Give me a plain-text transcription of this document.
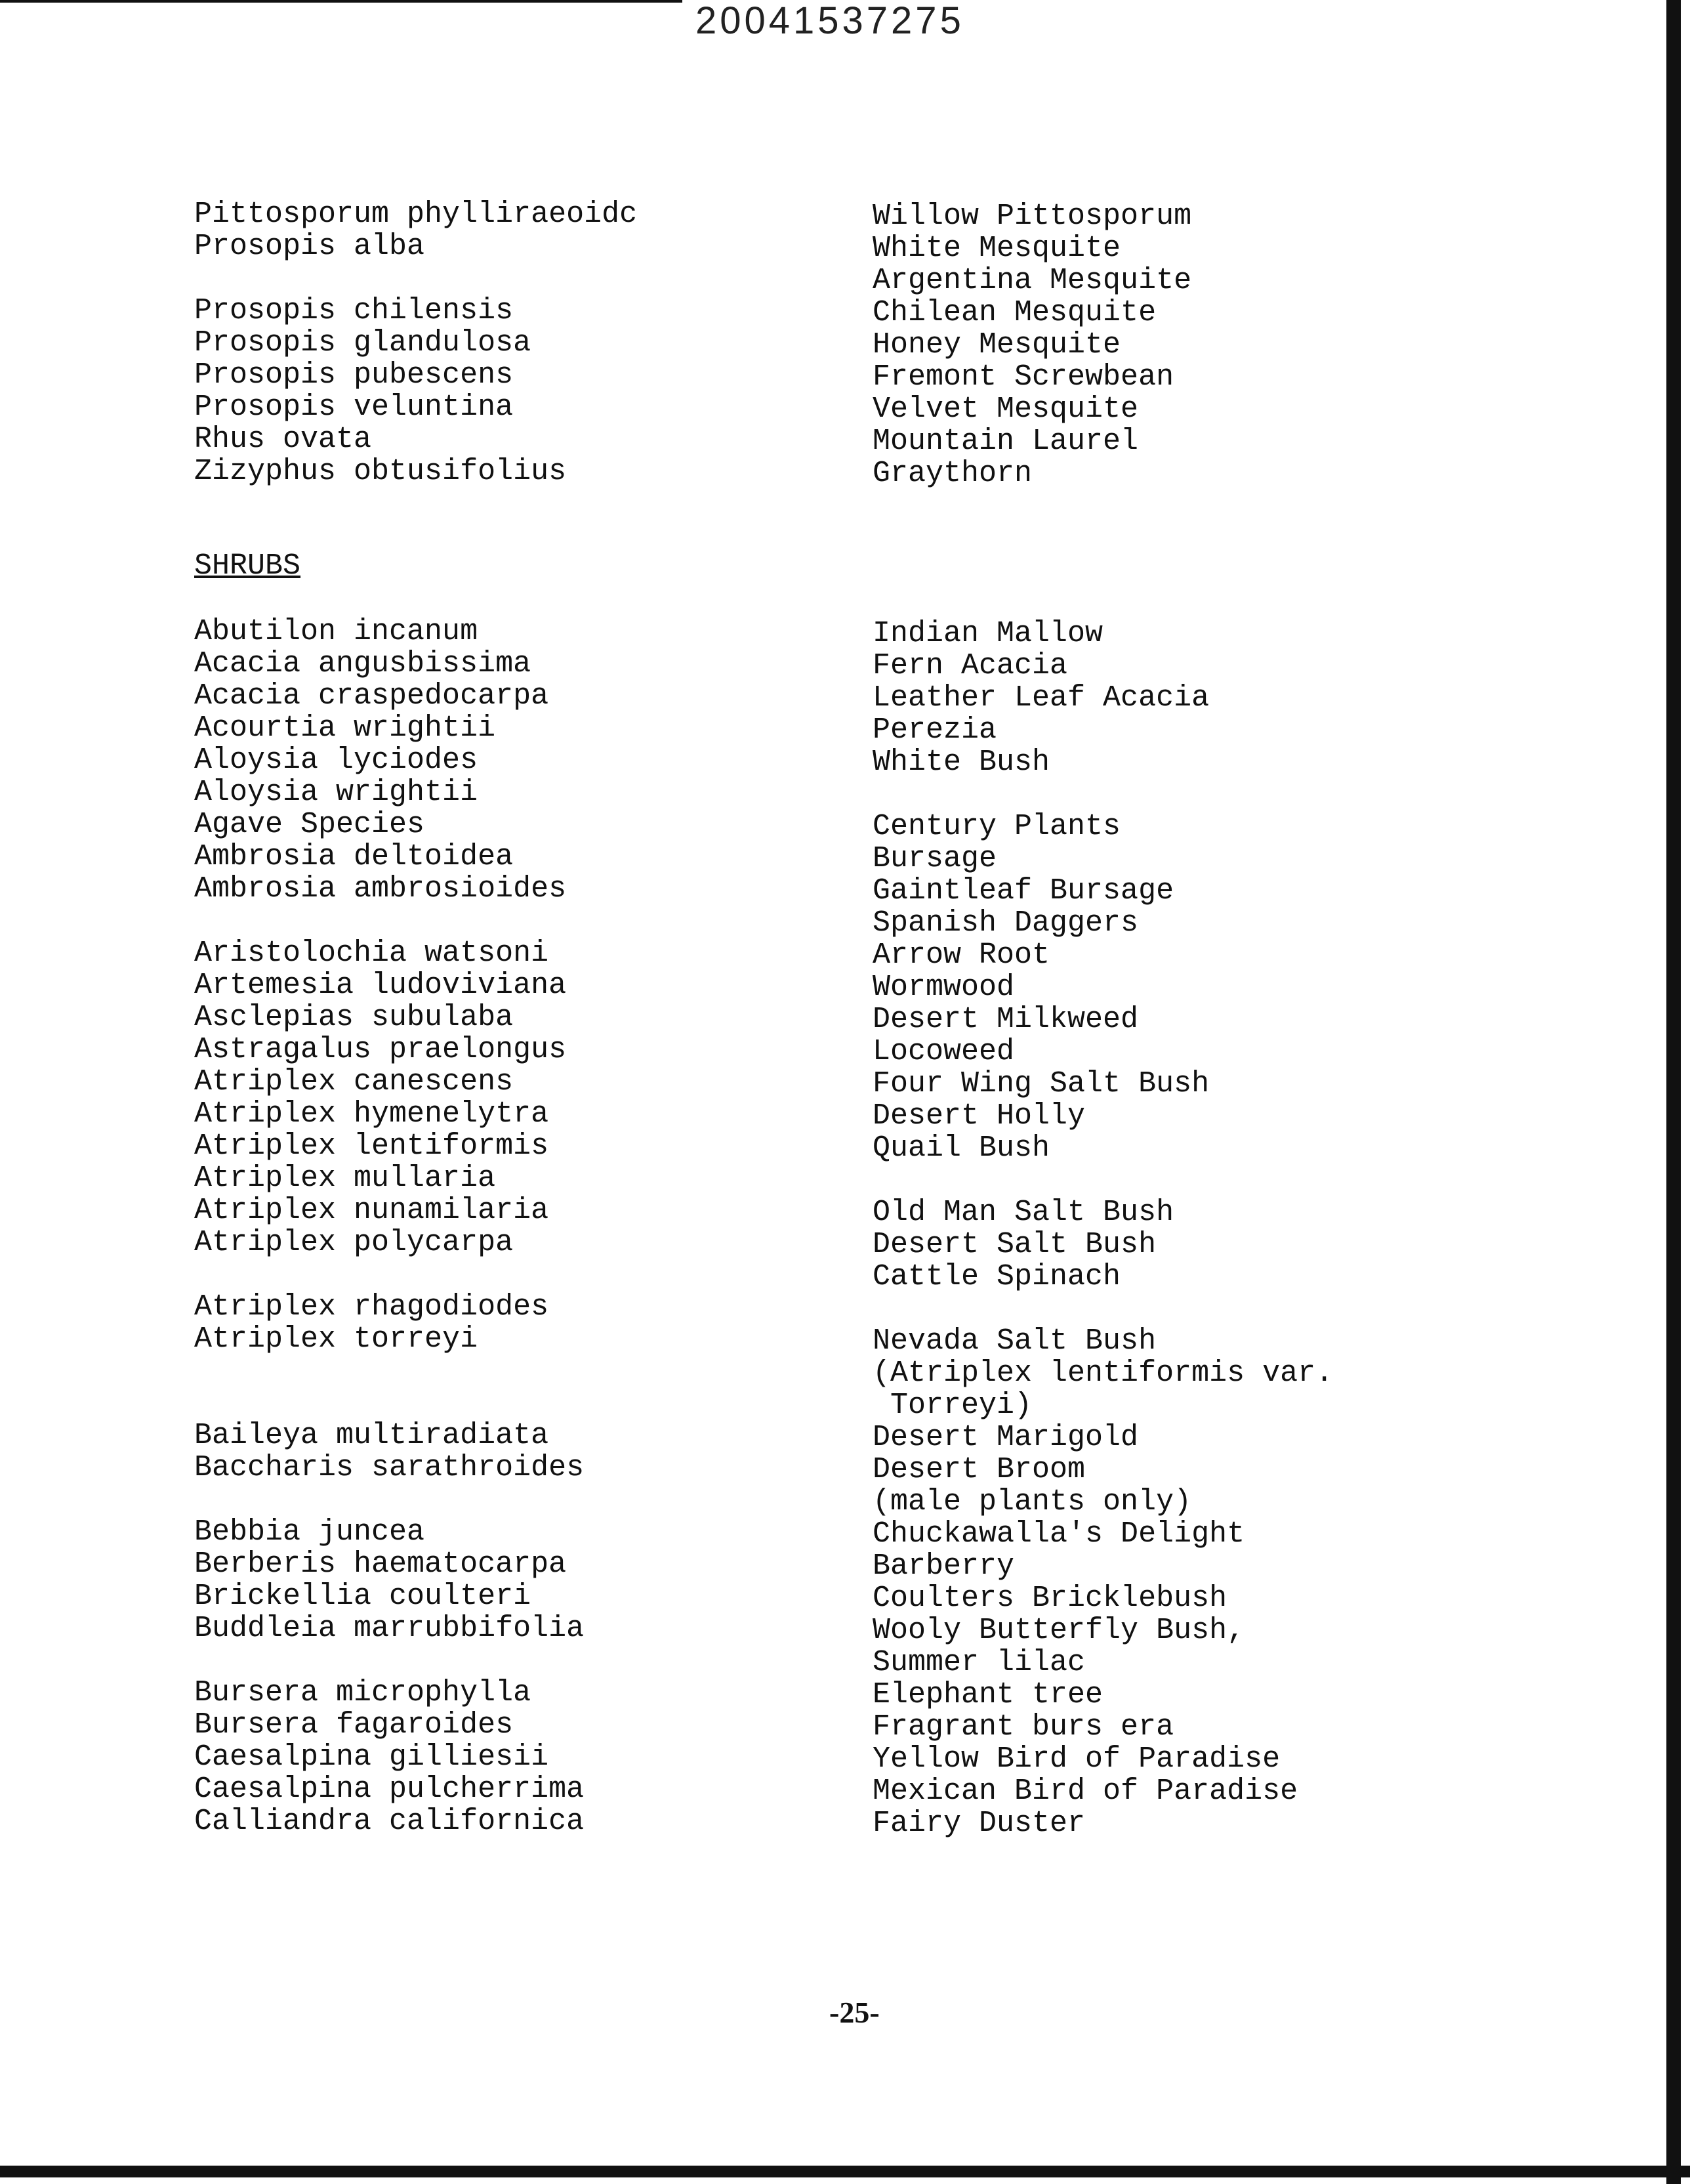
20041537275
Pittosporum phylliraeoidc
Prosopis alba
Prosopis chilensis
Prosopis glandulosa
Prosopis pubescens
Prosopis veluntina
Rhus ovata
Zizyphus obtusifolius
Willow Pittosporum
White Mesquite
Argentina Mesquite
Chilean Mesquite
Honey Mesquite
Fremont Screwbean
Velvet Mesquite
Mountain Laurel
Graythorn
SHRUBS
Abutilon incanum
Acacia angusbissima
Acacia craspedocarpa
Acourtia wrightii
Aloysia lyciodes
Aloysia wrightii
Agave Species
Ambrosia deltoidea
Ambrosia ambrosioides
Aristolochia watsoni
Artemesia ludoviviana
Asclepias subulaba
Astragalus praelongus
Atriplex canescens
Atriplex hymenelytra
Atriplex lentiformis
Atriplex mullaria
Atriplex nunamilaria
Atriplex polycarpa
Atriplex rhagodiodes
Atriplex torreyi
Baileya multiradiata
Baccharis sarathroides
Bebbia juncea
Berberis haematocarpa
Brickellia coulteri
Buddleia marrubbifolia
Bursera microphylla
Bursera fagaroides
Caesalpina gilliesii
Caesalpina pulcherrima
Calliandra californica
Indian Mallow
Fern Acacia
Leather Leaf Acacia
Perezia
White Bush
Century Plants
Bursage
Gaintleaf Bursage
Spanish Daggers
Arrow Root
Wormwood
Desert Milkweed
Locoweed
Four Wing Salt Bush
Desert Holly
Quail Bush
Old Man Salt Bush
Desert Salt Bush
Cattle Spinach
Nevada Salt Bush
(Atriplex lentiformis var.
Torreyi)
Desert Marigold
Desert Broom
(male plants only)
Chuckawalla's Delight
Barberry
Coulters Bricklebush
Wooly Butterfly Bush,
Summer lilac
Elephant tree
Fragrant burs era
Yellow Bird of Paradise
Mexican Bird of Paradise
Fairy Duster
-25-
